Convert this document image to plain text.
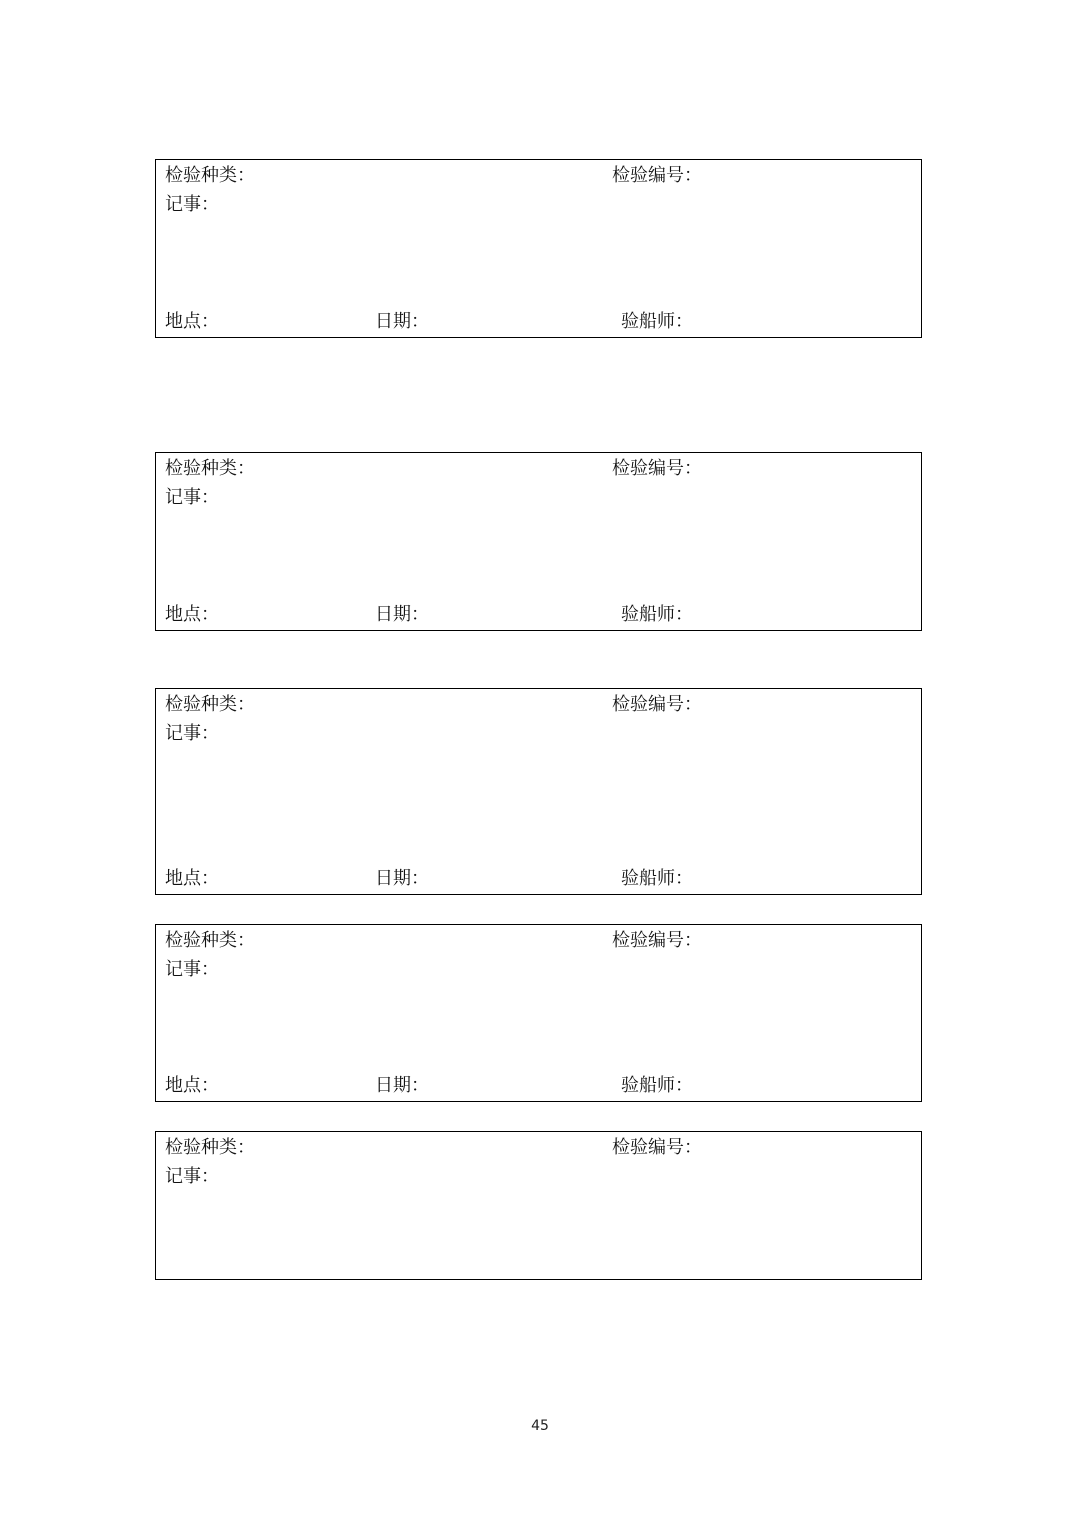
检验种类：	检验编号：
记事：
地点：	日期：	验船师：
检验种类：	检验编号：
记事：
地点：	日期：	验船师：
检验种类：	检验编号：
记事：
地点：	日期：	验船师：
检验种类：	检验编号：
记事：
地点：	日期：	验船师：
检验种类：	检验编号：
记事：
45
